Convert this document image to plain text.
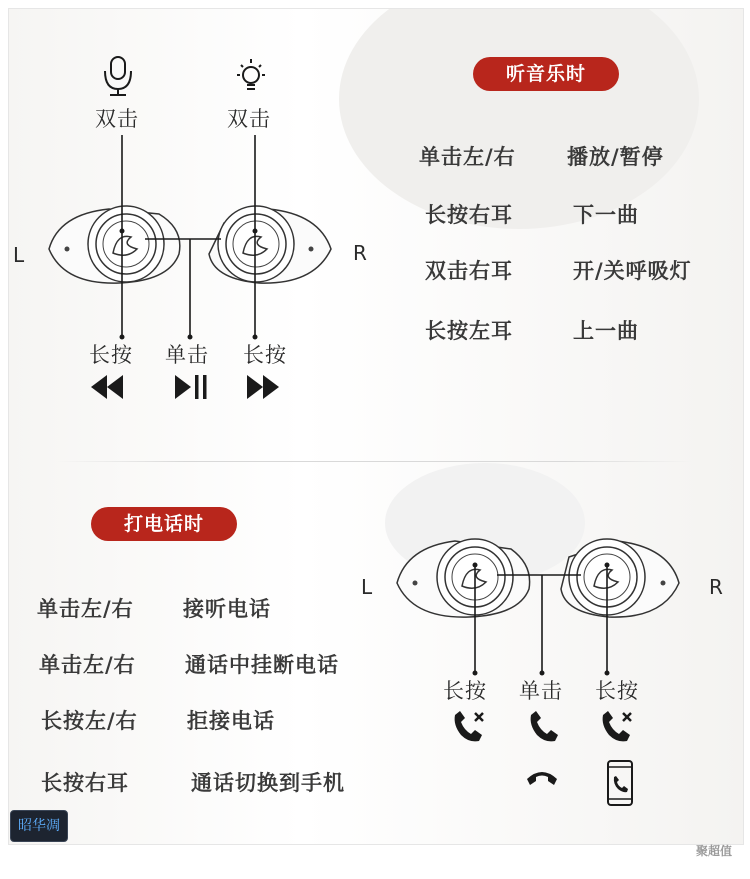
L	R
双击	双击
长按 单击 长按
听音乐时
单击左/右 播放/暂停
长按右耳	下一曲
双击右耳	开/关呼吸灯
长按左耳	上一曲
打电话时
单击左/右 接听电话
单击左/右 通话中挂断电话
长按左/右 拒接电话
长按右耳	通话切换到手机
L	R
长按 单击 长按
昭华凋
聚超值
